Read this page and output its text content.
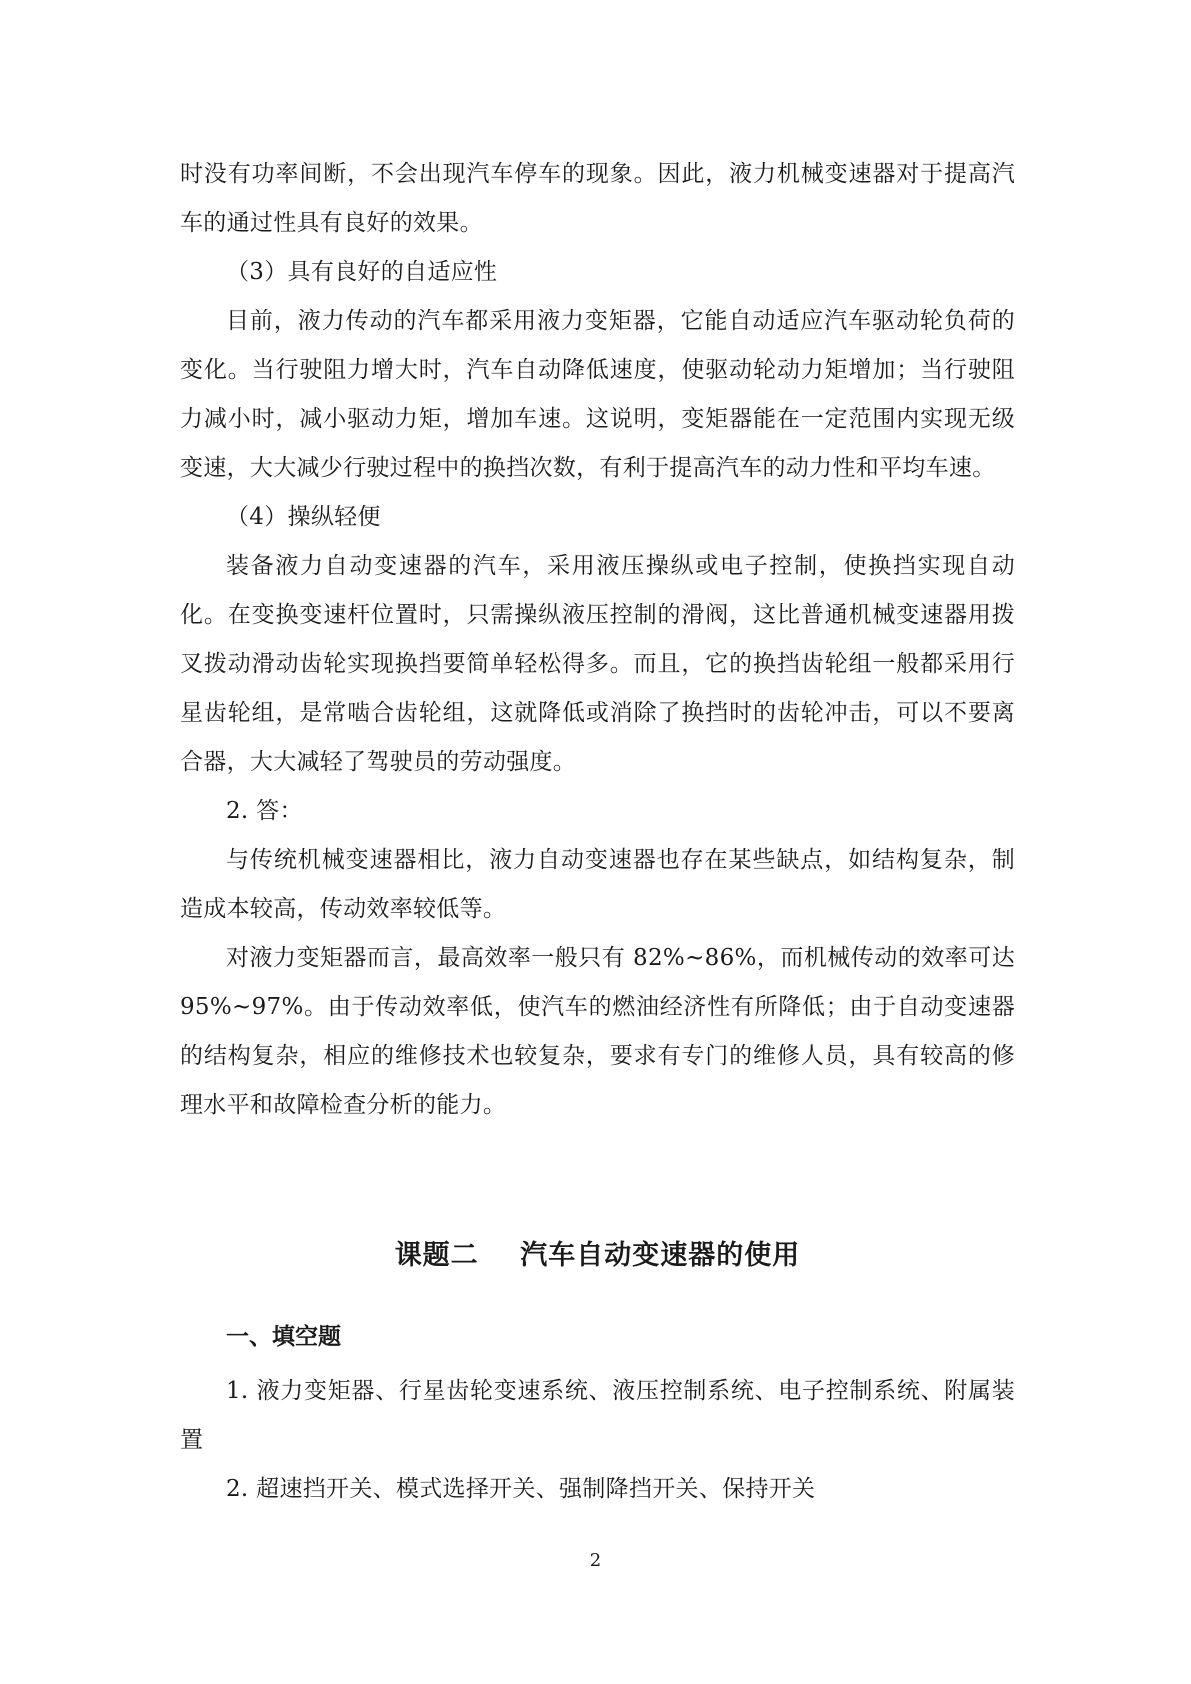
时没有功率间断，不会出现汽车停车的现象。因此，液力机械变速器对于提高汽车的通过性具有良好的效果。

（3）具有良好的自适应性

目前，液力传动的汽车都采用液力变矩器，它能自动适应汽车驱动轮负荷的变化。当行驶阻力增大时，汽车自动降低速度，使驱动轮动力矩增加；当行驶阻力减小时，减小驱动力矩，增加车速。这说明，变矩器能在一定范围内实现无级变速，大大减少行驶过程中的换挡次数，有利于提高汽车的动力性和平均车速。

（4）操纵轻便

装备液力自动变速器的汽车，采用液压操纵或电子控制，使换挡实现自动化。在变换变速杆位置时，只需操纵液压控制的滑阀，这比普通机械变速器用拨叉拨动滑动齿轮实现换挡要简单轻松得多。而且，它的换挡齿轮组一般都采用行星齿轮组，是常啮合齿轮组，这就降低或消除了换挡时的齿轮冲击，可以不要离合器，大大减轻了驾驶员的劳动强度。

2. 答：

与传统机械变速器相比，液力自动变速器也存在某些缺点，如结构复杂，制造成本较高，传动效率较低等。

对液力变矩器而言，最高效率一般只有 82%~86%，而机械传动的效率可达 95%~97%。由于传动效率低，使汽车的燃油经济性有所降低；由于自动变速器的结构复杂，相应的维修技术也较复杂，要求有专门的维修人员，具有较高的修理水平和故障检查分析的能力。

课题二    汽车自动变速器的使用
一、填空题

1. 液力变矩器、行星齿轮变速系统、液压控制系统、电子控制系统、附属装置

2. 超速挡开关、模式选择开关、强制降挡开关、保持开关

2
